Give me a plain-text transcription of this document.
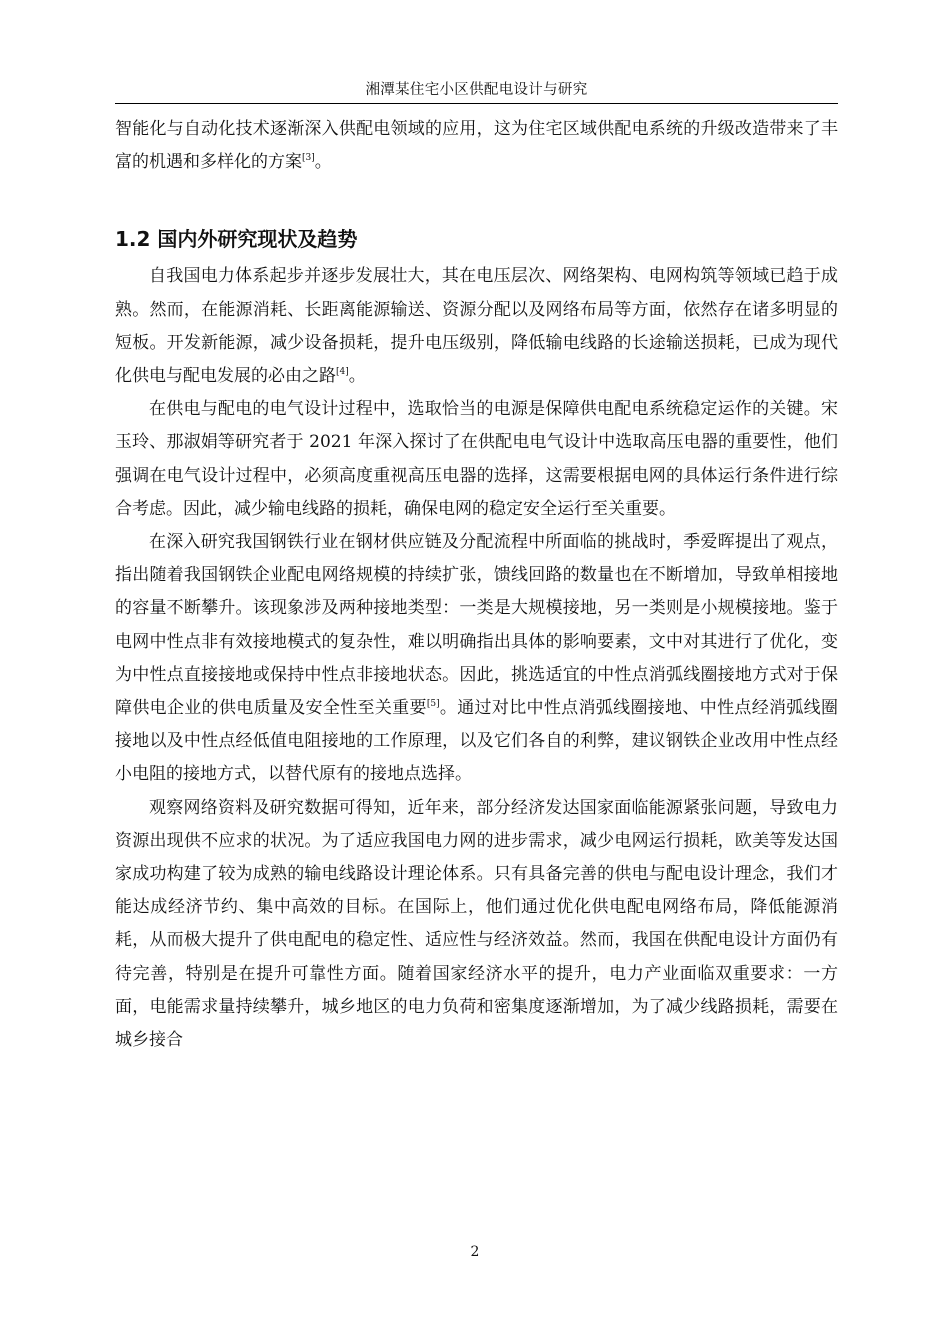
湘潭某住宅小区供配电设计与研究

智能化与自动化技术逐渐深入供配电领域的应用，这为住宅区域供配电系统的升级改造带来了丰富的机遇和多样化的方案[3]。

1.2 国内外研究现状及趋势

自我国电力体系起步并逐步发展壮大，其在电压层次、网络架构、电网构筑等领域已趋于成熟。然而，在能源消耗、长距离能源输送、资源分配以及网络布局等方面，依然存在诸多明显的短板。开发新能源，减少设备损耗，提升电压级别，降低输电线路的长途输送损耗，已成为现代化供电与配电发展的必由之路[4]。

在供电与配电的电气设计过程中，选取恰当的电源是保障供电配电系统稳定运作的关键。宋玉玲、那淑娟等研究者于 2021 年深入探讨了在供配电电气设计中选取高压电器的重要性，他们强调在电气设计过程中，必须高度重视高压电器的选择，这需要根据电网的具体运行条件进行综合考虑。因此，减少输电线路的损耗，确保电网的稳定安全运行至关重要。

在深入研究我国钢铁行业在钢材供应链及分配流程中所面临的挑战时，季爱晖提出了观点，指出随着我国钢铁企业配电网络规模的持续扩张，馈线回路的数量也在不断增加，导致单相接地的容量不断攀升。该现象涉及两种接地类型：一类是大规模接地，另一类则是小规模接地。鉴于电网中性点非有效接地模式的复杂性，难以明确指出具体的影响要素，文中对其进行了优化，变为中性点直接接地或保持中性点非接地状态。因此，挑选适宜的中性点消弧线圈接地方式对于保障供电企业的供电质量及安全性至关重要[5]。通过对比中性点消弧线圈接地、中性点经消弧线圈接地以及中性点经低值电阻接地的工作原理，以及它们各自的利弊，建议钢铁企业改用中性点经小电阻的接地方式，以替代原有的接地点选择。

观察网络资料及研究数据可得知，近年来，部分经济发达国家面临能源紧张问题，导致电力资源出现供不应求的状况。为了适应我国电力网的进步需求，减少电网运行损耗，欧美等发达国家成功构建了较为成熟的输电线路设计理论体系。只有具备完善的供电与配电设计理念，我们才能达成经济节约、集中高效的目标。在国际上，他们通过优化供电配电网络布局，降低能源消耗，从而极大提升了供电配电的稳定性、适应性与经济效益。然而，我国在供配电设计方面仍有待完善，特别是在提升可靠性方面。随着国家经济水平的提升，电力产业面临双重要求：一方面，电能需求量持续攀升，城乡地区的电力负荷和密集度逐渐增加，为了减少线路损耗，需要在城乡接合

2
